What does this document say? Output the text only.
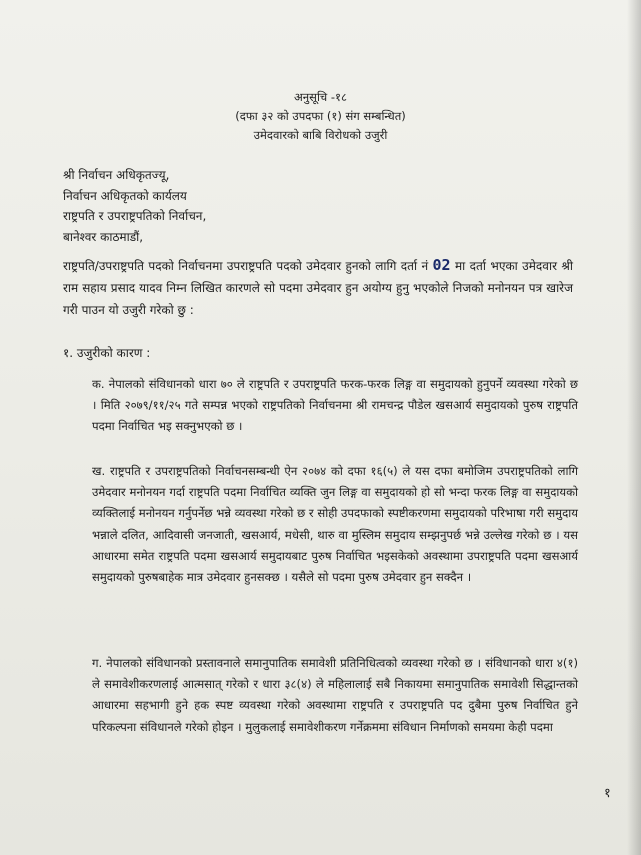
अनुसूचि -१८
(दफा ३२ को उपदफा (१) संग सम्बन्धित)
उमेदवारको बाबि विरोधको उजुरी
श्री निर्वाचन अधिकृतज्यू,
निर्वाचन अधिकृतको कार्यलय
राष्ट्रपति र उपराष्ट्रपतिको निर्वाचन,
बानेश्वर काठमाडौं,
राष्ट्रपति/उपराष्ट्रपति पदको निर्वाचनमा उपराष्ट्रपति पदको उमेदवार हुनको लागि दर्ता नं 02 मा दर्ता भएका उमेदवार श्री राम सहाय प्रसाद यादव निम्न लिखित कारणले सो पदमा उमेदवार हुन अयोग्य हुनु भएकोले निजको मनोनयन पत्र खारेज गरी पाउन यो उजुरी गरेको छु :
१. उजुरीको कारण :
क. नेपालको संविधानको धारा ७० ले राष्ट्रपति र उपराष्ट्रपति फरक-फरक लिङ्ग वा समुदायको हुनुपर्ने व्यवस्था गरेको छ । मिति २०७९/११/२५ गते सम्पन्न भएको राष्ट्रपतिको निर्वाचनमा श्री रामचन्द्र पौडेल खसआर्य समुदायको पुरुष राष्ट्रपति पदमा निर्वाचित भइ सक्नुभएको छ ।
ख. राष्ट्रपति र उपराष्ट्रपतिको निर्वाचनसम्बन्धी ऐन २०७४ को दफा १६(५) ले यस दफा बमोजिम उपराष्ट्रपतिको लागि उमेदवार मनोनयन गर्दा राष्ट्रपति पदमा निर्वाचित व्यक्ति जुन लिङ्ग वा समुदायको हो सो भन्दा फरक लिङ्ग वा समुदायको व्यक्तिलाई मनोनयन गर्नुपर्नेछ भन्ने व्यवस्था गरेको छ र सोही उपदफाको स्पष्टीकरणमा समुदायको परिभाषा गरी समुदाय भन्नाले दलित, आदिवासी जनजाती, खसआर्य, मधेसी, थारु वा मुस्लिम समुदाय सम्झनुपर्छ भन्ने उल्लेख गरेको छ । यस आधारमा समेत राष्ट्रपति पदमा खसआर्य समुदायबाट पुरुष निर्वाचित भइसकेको अवस्थामा उपराष्ट्रपति पदमा खसआर्य समुदायको पुरुषबाहेक मात्र उमेदवार हुनसक्छ । यसैले सो पदमा पुरुष उमेदवार हुन सक्दैन ।
ग. नेपालको संविधानको प्रस्तावनाले समानुपातिक समावेशी प्रतिनिधित्वको व्यवस्था गरेको छ । संविधानको धारा ४(१) ले समावेशीकरणलाई आत्मसात् गरेको र धारा ३८(४) ले महिलालाई सबै निकायमा समानुपातिक समावेशी सिद्धान्तको आधारमा सहभागी हुने हक स्पष्ट व्यवस्था गरेको अवस्थामा राष्ट्रपति र उपराष्ट्रपति पद दुबैमा पुरुष निर्वाचित हुने परिकल्पना संविधानले गरेको होइन । मुलुकलाई समावेशीकरण गर्नेक्रममा संविधान निर्माणको समयमा केही पदमा
१
